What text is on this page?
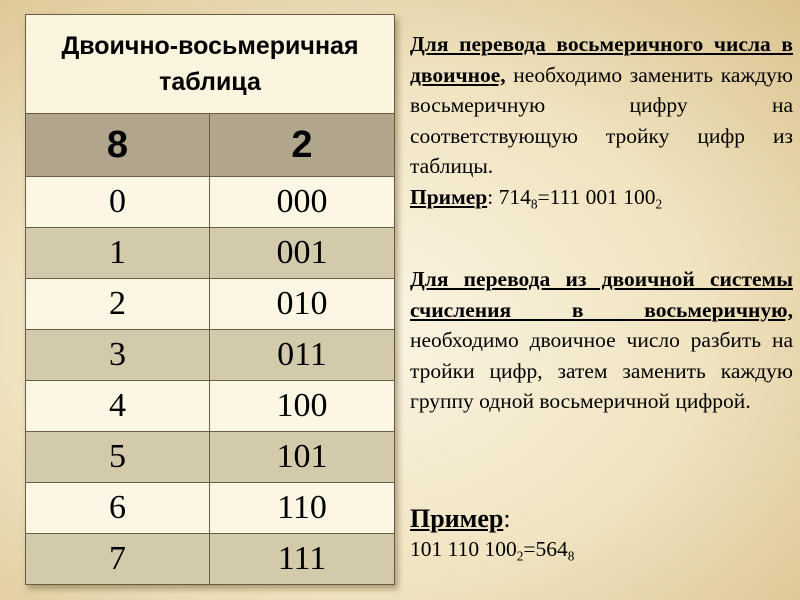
Двоично-восьмеричная таблица	
8	2
0	000
1	001
2	010
3	011
4	100
5	101
6	110
7	111
Для перевода восьмеричного числа в двоичное, необходимо заменить каждую восьмеричную цифру на соответствующую тройку цифр из таблицы.
Пример: $714_8=111$ 001 $100_2$
Для перевода из двоичной системы счисления в восьмеричную, необходимо двоичное число разбить на тройки цифр, затем заменить каждую группу одной восьмеричной цифрой.
Пример:
101 110 $100_2=564_8$
